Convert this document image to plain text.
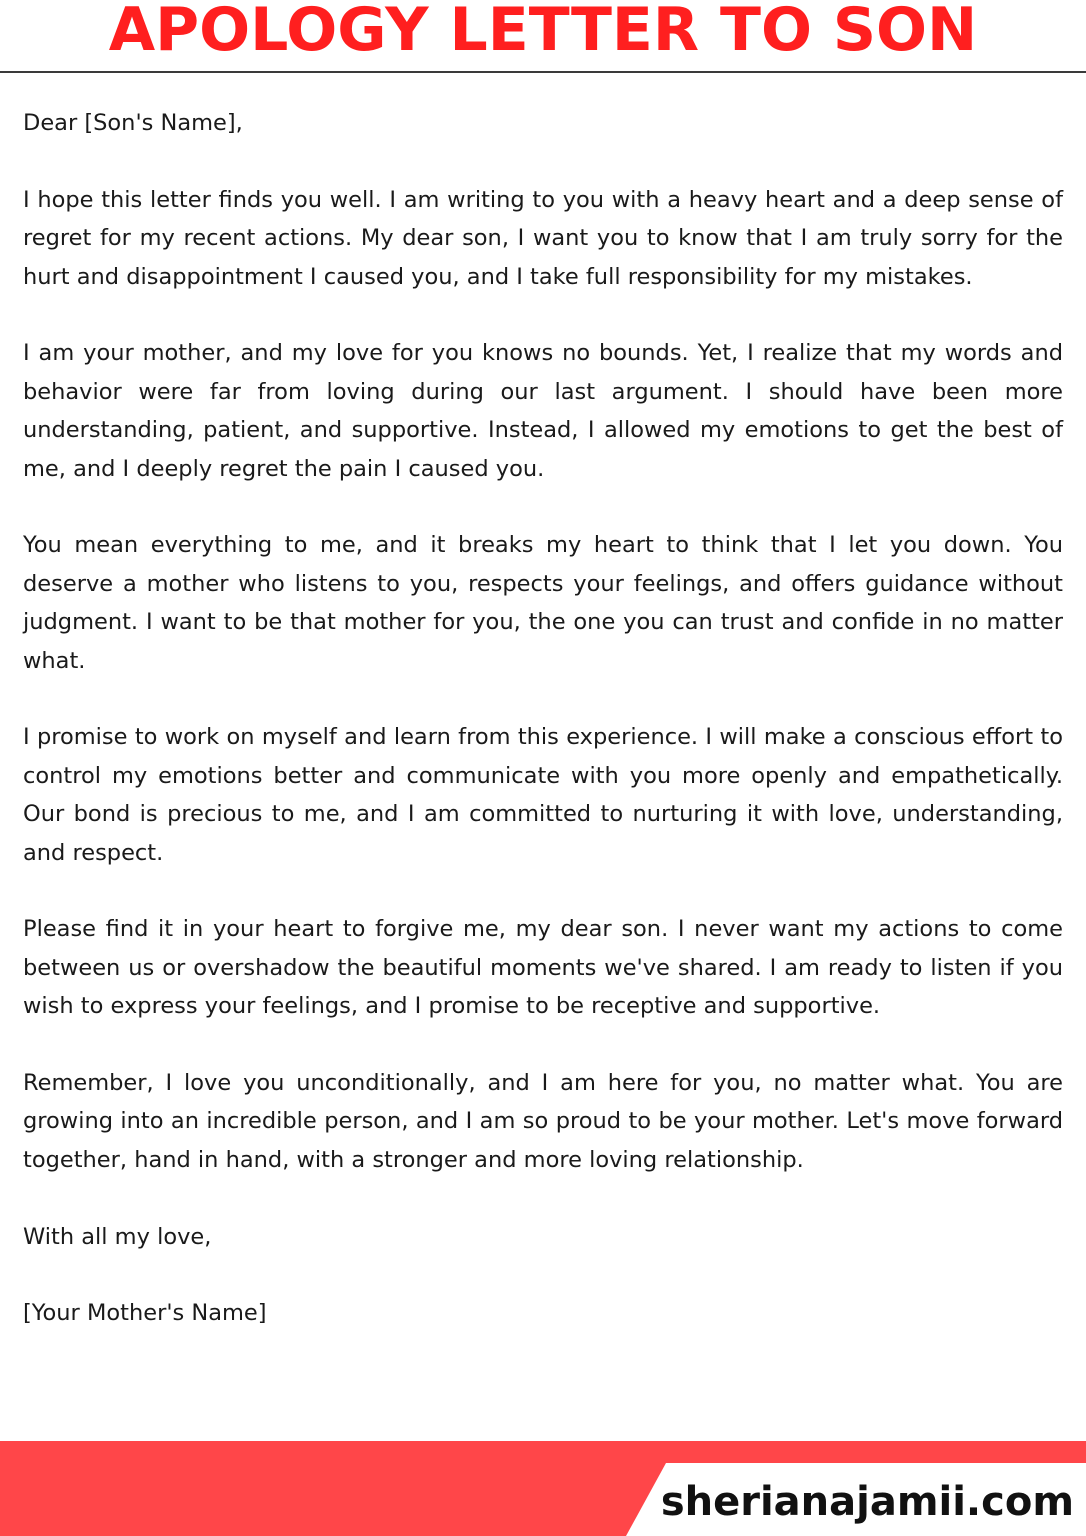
APOLOGY LETTER TO SON

Dear [Son's Name],

I hope this letter finds you well. I am writing to you with a heavy heart and a deep sense of regret for my recent actions. My dear son, I want you to know that I am truly sorry for the hurt and disappointment I caused you, and I take full responsibility for my mistakes.

I am your mother, and my love for you knows no bounds. Yet, I realize that my words and behavior were far from loving during our last argument. I should have been more understanding, patient, and supportive. Instead, I allowed my emotions to get the best of me, and I deeply regret the pain I caused you.

You mean everything to me, and it breaks my heart to think that I let you down. You deserve a mother who listens to you, respects your feelings, and offers guidance without judgment. I want to be that mother for you, the one you can trust and confide in no matter what.

I promise to work on myself and learn from this experience. I will make a conscious effort to control my emotions better and communicate with you more openly and empathetically. Our bond is precious to me, and I am committed to nurturing it with love, understanding, and respect.

Please find it in your heart to forgive me, my dear son. I never want my actions to come between us or overshadow the beautiful moments we've shared. I am ready to listen if you wish to express your feelings, and I promise to be receptive and supportive.

Remember, I love you unconditionally, and I am here for you, no matter what. You are growing into an incredible person, and I am so proud to be your mother. Let's move forward together, hand in hand, with a stronger and more loving relationship.

With all my love,

[Your Mother's Name]

sherianajamii.com
